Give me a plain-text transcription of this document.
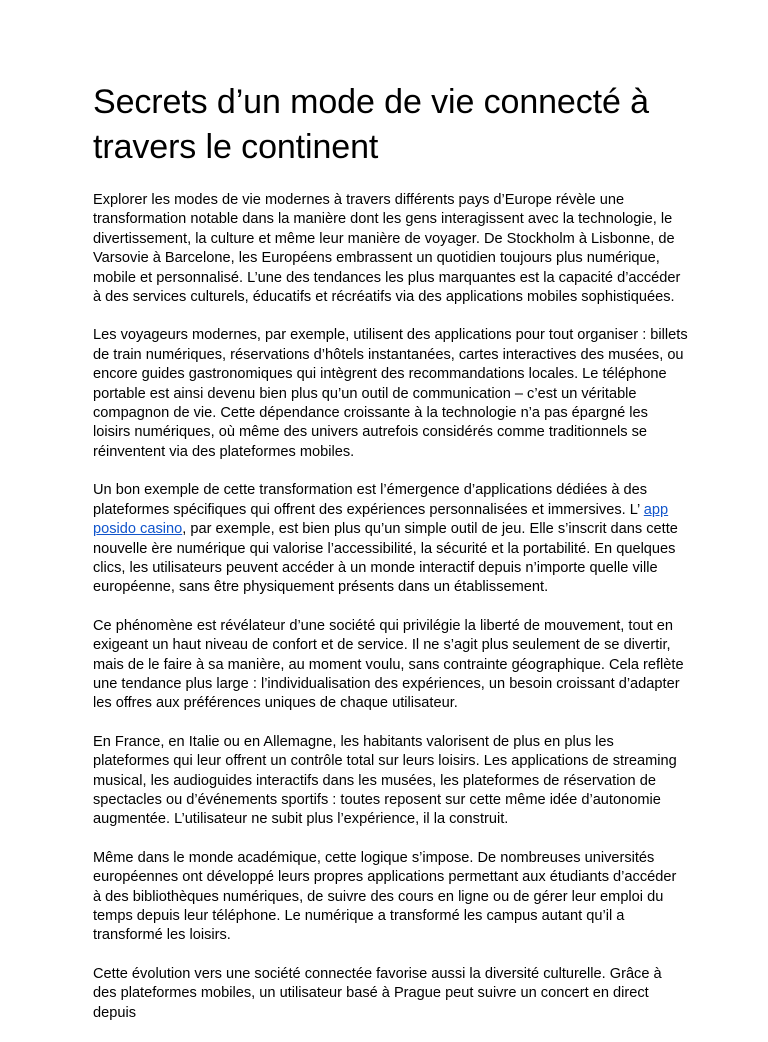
Secrets d’un mode de vie connecté à travers le continent

Explorer les modes de vie modernes à travers différents pays d’Europe révèle une transformation notable dans la manière dont les gens interagissent avec la technologie, le divertissement, la culture et même leur manière de voyager. De Stockholm à Lisbonne, de Varsovie à Barcelone, les Européens embrassent un quotidien toujours plus numérique, mobile et personnalisé. L’une des tendances les plus marquantes est la capacité d’accéder à des services culturels, éducatifs et récréatifs via des applications mobiles sophistiquées.

Les voyageurs modernes, par exemple, utilisent des applications pour tout organiser : billets de train numériques, réservations d’hôtels instantanées, cartes interactives des musées, ou encore guides gastronomiques qui intègrent des recommandations locales. Le téléphone portable est ainsi devenu bien plus qu’un outil de communication – c’est un véritable compagnon de vie. Cette dépendance croissante à la technologie n’a pas épargné les loisirs numériques, où même des univers autrefois considérés comme traditionnels se réinventent via des plateformes mobiles.

Un bon exemple de cette transformation est l’émergence d’applications dédiées à des plateformes spécifiques qui offrent des expériences personnalisées et immersives. L’ app posido casino, par exemple, est bien plus qu’un simple outil de jeu. Elle s’inscrit dans cette nouvelle ère numérique qui valorise l’accessibilité, la sécurité et la portabilité. En quelques clics, les utilisateurs peuvent accéder à un monde interactif depuis n’importe quelle ville européenne, sans être physiquement présents dans un établissement.

Ce phénomène est révélateur d’une société qui privilégie la liberté de mouvement, tout en exigeant un haut niveau de confort et de service. Il ne s’agit plus seulement de se divertir, mais de le faire à sa manière, au moment voulu, sans contrainte géographique. Cela reflète une tendance plus large : l’individualisation des expériences, un besoin croissant d’adapter les offres aux préférences uniques de chaque utilisateur.

En France, en Italie ou en Allemagne, les habitants valorisent de plus en plus les plateformes qui leur offrent un contrôle total sur leurs loisirs. Les applications de streaming musical, les audioguides interactifs dans les musées, les plateformes de réservation de spectacles ou d’événements sportifs : toutes reposent sur cette même idée d’autonomie augmentée. L’utilisateur ne subit plus l’expérience, il la construit.

Même dans le monde académique, cette logique s’impose. De nombreuses universités européennes ont développé leurs propres applications permettant aux étudiants d’accéder à des bibliothèques numériques, de suivre des cours en ligne ou de gérer leur emploi du temps depuis leur téléphone. Le numérique a transformé les campus autant qu’il a transformé les loisirs.

Cette évolution vers une société connectée favorise aussi la diversité culturelle. Grâce à des plateformes mobiles, un utilisateur basé à Prague peut suivre un concert en direct depuis
